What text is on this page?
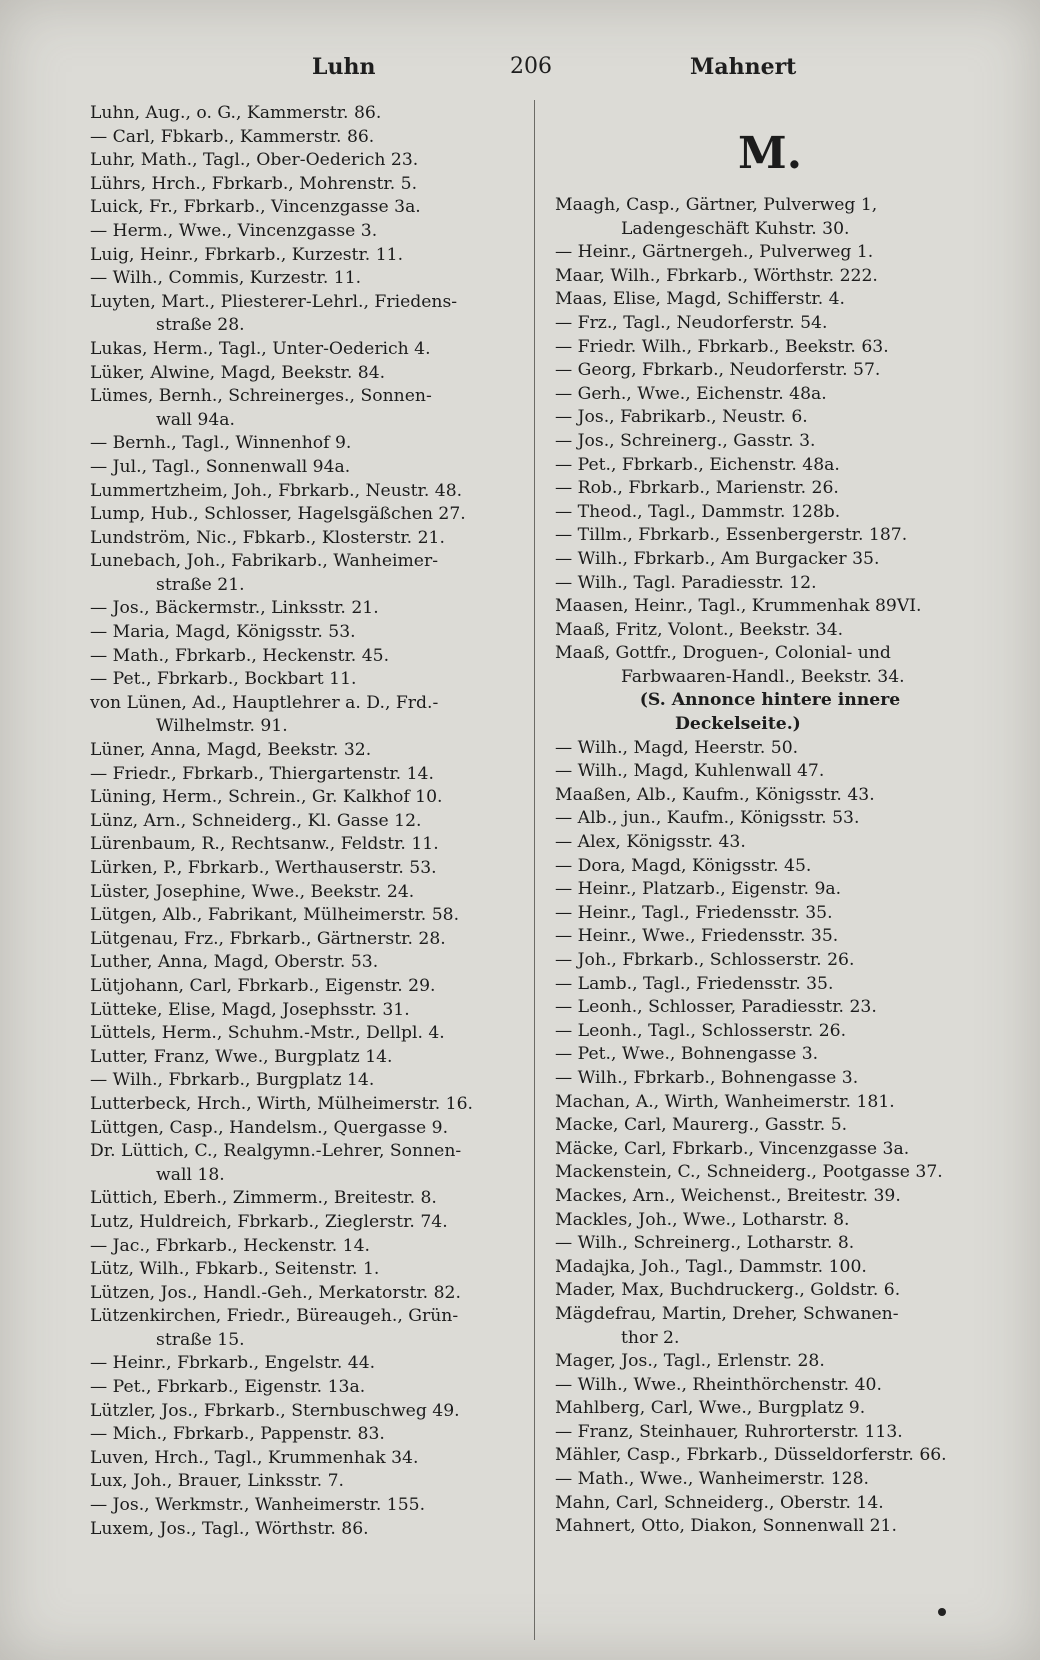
Luhn	206	Mahnert
Luhn, Aug., o. G., Kammerstr. 86.
— Carl, Fbkarb., Kammerstr. 86.
Luhr, Math., Tagl., Ober-Oederich 23.
Lührs, Hrch., Fbrkarb., Mohrenstr. 5.
Luick, Fr., Fbrkarb., Vincenzgasse 3a.
— Herm., Wwe., Vincenzgasse 3.
Luig, Heinr., Fbrkarb., Kurzestr. 11.
— Wilh., Commis, Kurzestr. 11.
Luyten, Mart., Pliesterer-Lehrl., Friedens-
straße 28.
Lukas, Herm., Tagl., Unter-Oederich 4.
Lüker, Alwine, Magd, Beekstr. 84.
Lümes, Bernh., Schreinerges., Sonnen-
wall 94a.
— Bernh., Tagl., Winnenhof 9.
— Jul., Tagl., Sonnenwall 94a.
Lummertzheim, Joh., Fbrkarb., Neustr. 48.
Lump, Hub., Schlosser, Hagelsgäßchen 27.
Lundström, Nic., Fbkarb., Klosterstr. 21.
Lunebach, Joh., Fabrikarb., Wanheimer-
straße 21.
— Jos., Bäckermstr., Linksstr. 21.
— Maria, Magd, Königsstr. 53.
— Math., Fbrkarb., Heckenstr. 45.
— Pet., Fbrkarb., Bockbart 11.
von Lünen, Ad., Hauptlehrer a. D., Frd.-
Wilhelmstr. 91.
Lüner, Anna, Magd, Beekstr. 32.
— Friedr., Fbrkarb., Thiergartenstr. 14.
Lüning, Herm., Schrein., Gr. Kalkhof 10.
Lünz, Arn., Schneiderg., Kl. Gasse 12.
Lürenbaum, R., Rechtsanw., Feldstr. 11.
Lürken, P., Fbrkarb., Werthauserstr. 53.
Lüster, Josephine, Wwe., Beekstr. 24.
Lütgen, Alb., Fabrikant, Mülheimerstr. 58.
Lütgenau, Frz., Fbrkarb., Gärtnerstr. 28.
Luther, Anna, Magd, Oberstr. 53.
Lütjohann, Carl, Fbrkarb., Eigenstr. 29.
Lütteke, Elise, Magd, Josephsstr. 31.
Lüttels, Herm., Schuhm.-Mstr., Dellpl. 4.
Lutter, Franz, Wwe., Burgplatz 14.
— Wilh., Fbrkarb., Burgplatz 14.
Lutterbeck, Hrch., Wirth, Mülheimerstr. 16.
Lüttgen, Casp., Handelsm., Quergasse 9.
Dr. Lüttich, C., Realgymn.-Lehrer, Sonnen-
wall 18.
Lüttich, Eberh., Zimmerm., Breitestr. 8.
Lutz, Huldreich, Fbrkarb., Zieglerstr. 74.
— Jac., Fbrkarb., Heckenstr. 14.
Lütz, Wilh., Fbkarb., Seitenstr. 1.
Lützen, Jos., Handl.-Geh., Merkatorstr. 82.
Lützenkirchen, Friedr., Büreaugeh., Grün-
straße 15.
— Heinr., Fbrkarb., Engelstr. 44.
— Pet., Fbrkarb., Eigenstr. 13a.
Lützler, Jos., Fbrkarb., Sternbuschweg 49.
— Mich., Fbrkarb., Pappenstr. 83.
Luven, Hrch., Tagl., Krummenhak 34.
Lux, Joh., Brauer, Linksstr. 7.
— Jos., Werkmstr., Wanheimerstr. 155.
Luxem, Jos., Tagl., Wörthstr. 86.
M.
Maagh, Casp., Gärtner, Pulverweg 1,
Ladengeschäft Kuhstr. 30.
— Heinr., Gärtnergeh., Pulverweg 1.
Maar, Wilh., Fbrkarb., Wörthstr. 222.
Maas, Elise, Magd, Schifferstr. 4.
— Frz., Tagl., Neudorferstr. 54.
— Friedr. Wilh., Fbrkarb., Beekstr. 63.
— Georg, Fbrkarb., Neudorferstr. 57.
— Gerh., Wwe., Eichenstr. 48a.
— Jos., Fabrikarb., Neustr. 6.
— Jos., Schreinerg., Gasstr. 3.
— Pet., Fbrkarb., Eichenstr. 48a.
— Rob., Fbrkarb., Marienstr. 26.
— Theod., Tagl., Dammstr. 128b.
— Tillm., Fbrkarb., Essenbergerstr. 187.
— Wilh., Fbrkarb., Am Burgacker 35.
— Wilh., Tagl. Paradiesstr. 12.
Maasen, Heinr., Tagl., Krummenhak 89VI.
Maaß, Fritz, Volont., Beekstr. 34.
Maaß, Gottfr., Droguen-, Colonial- und
Farbwaaren-Handl., Beekstr. 34.
(S. Annonce hintere innere
Deckelseite.)
— Wilh., Magd, Heerstr. 50.
— Wilh., Magd, Kuhlenwall 47.
Maaßen, Alb., Kaufm., Königsstr. 43.
— Alb., jun., Kaufm., Königsstr. 53.
— Alex, Königsstr. 43.
— Dora, Magd, Königsstr. 45.
— Heinr., Platzarb., Eigenstr. 9a.
— Heinr., Tagl., Friedensstr. 35.
— Heinr., Wwe., Friedensstr. 35.
— Joh., Fbrkarb., Schlosserstr. 26.
— Lamb., Tagl., Friedensstr. 35.
— Leonh., Schlosser, Paradiesstr. 23.
— Leonh., Tagl., Schlosserstr. 26.
— Pet., Wwe., Bohnengasse 3.
— Wilh., Fbrkarb., Bohnengasse 3.
Machan, A., Wirth, Wanheimerstr. 181.
Macke, Carl, Maurerg., Gasstr. 5.
Mäcke, Carl, Fbrkarb., Vincenzgasse 3a.
Mackenstein, C., Schneiderg., Pootgasse 37.
Mackes, Arn., Weichenst., Breitestr. 39.
Mackles, Joh., Wwe., Lotharstr. 8.
— Wilh., Schreinerg., Lotharstr. 8.
Madajka, Joh., Tagl., Dammstr. 100.
Mader, Max, Buchdruckerg., Goldstr. 6.
Mägdefrau, Martin, Dreher, Schwanen-
thor 2.
Mager, Jos., Tagl., Erlenstr. 28.
— Wilh., Wwe., Rheinthörchenstr. 40.
Mahlberg, Carl, Wwe., Burgplatz 9.
— Franz, Steinhauer, Ruhrorterstr. 113.
Mähler, Casp., Fbrkarb., Düsseldorferstr. 66.
— Math., Wwe., Wanheimerstr. 128.
Mahn, Carl, Schneiderg., Oberstr. 14.
Mahnert, Otto, Diakon, Sonnenwall 21.
